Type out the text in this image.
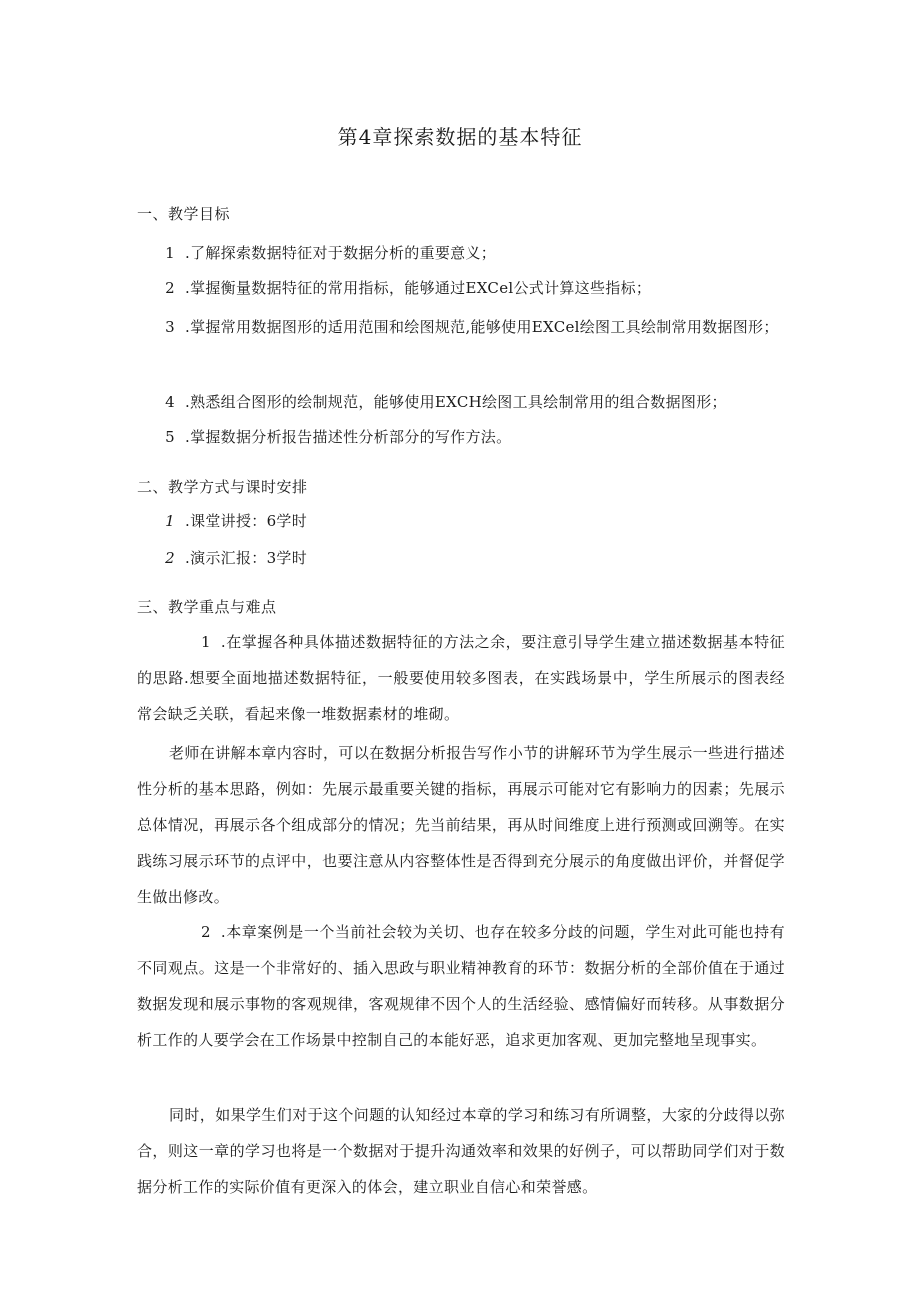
第4章探索数据的基本特征
一、教学目标
1 .了解探索数据特征对于数据分析的重要意义；
2 .掌握衡量数据特征的常用指标，能够通过EXCel公式计算这些指标；
3 .掌握常用数据图形的适用范围和绘图规范,能够使用EXCel绘图工具绘制常用数据图形；
4 .熟悉组合图形的绘制规范，能够使用EXCH绘图工具绘制常用的组合数据图形；
5 .掌握数据分析报告描述性分析部分的写作方法。
二、教学方式与课时安排
1 .课堂讲授：6学时
2 .演示汇报：3学时
三、教学重点与难点
1 .在掌握各种具体描述数据特征的方法之余，要注意引导学生建立描述数据基本特征的思路.想要全面地描述数据特征，一般要使用较多图表，在实践场景中，学生所展示的图表经常会缺乏关联，看起来像一堆数据素材的堆砌。
老师在讲解本章内容时，可以在数据分析报告写作小节的讲解环节为学生展示一些进行描述性分析的基本思路，例如：先展示最重要关键的指标，再展示可能对它有影响力的因素；先展示总体情况，再展示各个组成部分的情况；先当前结果，再从时间维度上进行预测或回溯等。在实践练习展示环节的点评中，也要注意从内容整体性是否得到充分展示的角度做出评价，并督促学生做出修改。
2 .本章案例是一个当前社会较为关切、也存在较多分歧的问题，学生对此可能也持有不同观点。这是一个非常好的、插入思政与职业精神教育的环节：数据分析的全部价值在于通过数据发现和展示事物的客观规律，客观规律不因个人的生活经验、感情偏好而转移。从事数据分析工作的人要学会在工作场景中控制自己的本能好恶，追求更加客观、更加完整地呈现事实。
同时，如果学生们对于这个问题的认知经过本章的学习和练习有所调整，大家的分歧得以弥合，则这一章的学习也将是一个数据对于提升沟通效率和效果的好例子，可以帮助同学们对于数据分析工作的实际价值有更深入的体会，建立职业自信心和荣誉感。
